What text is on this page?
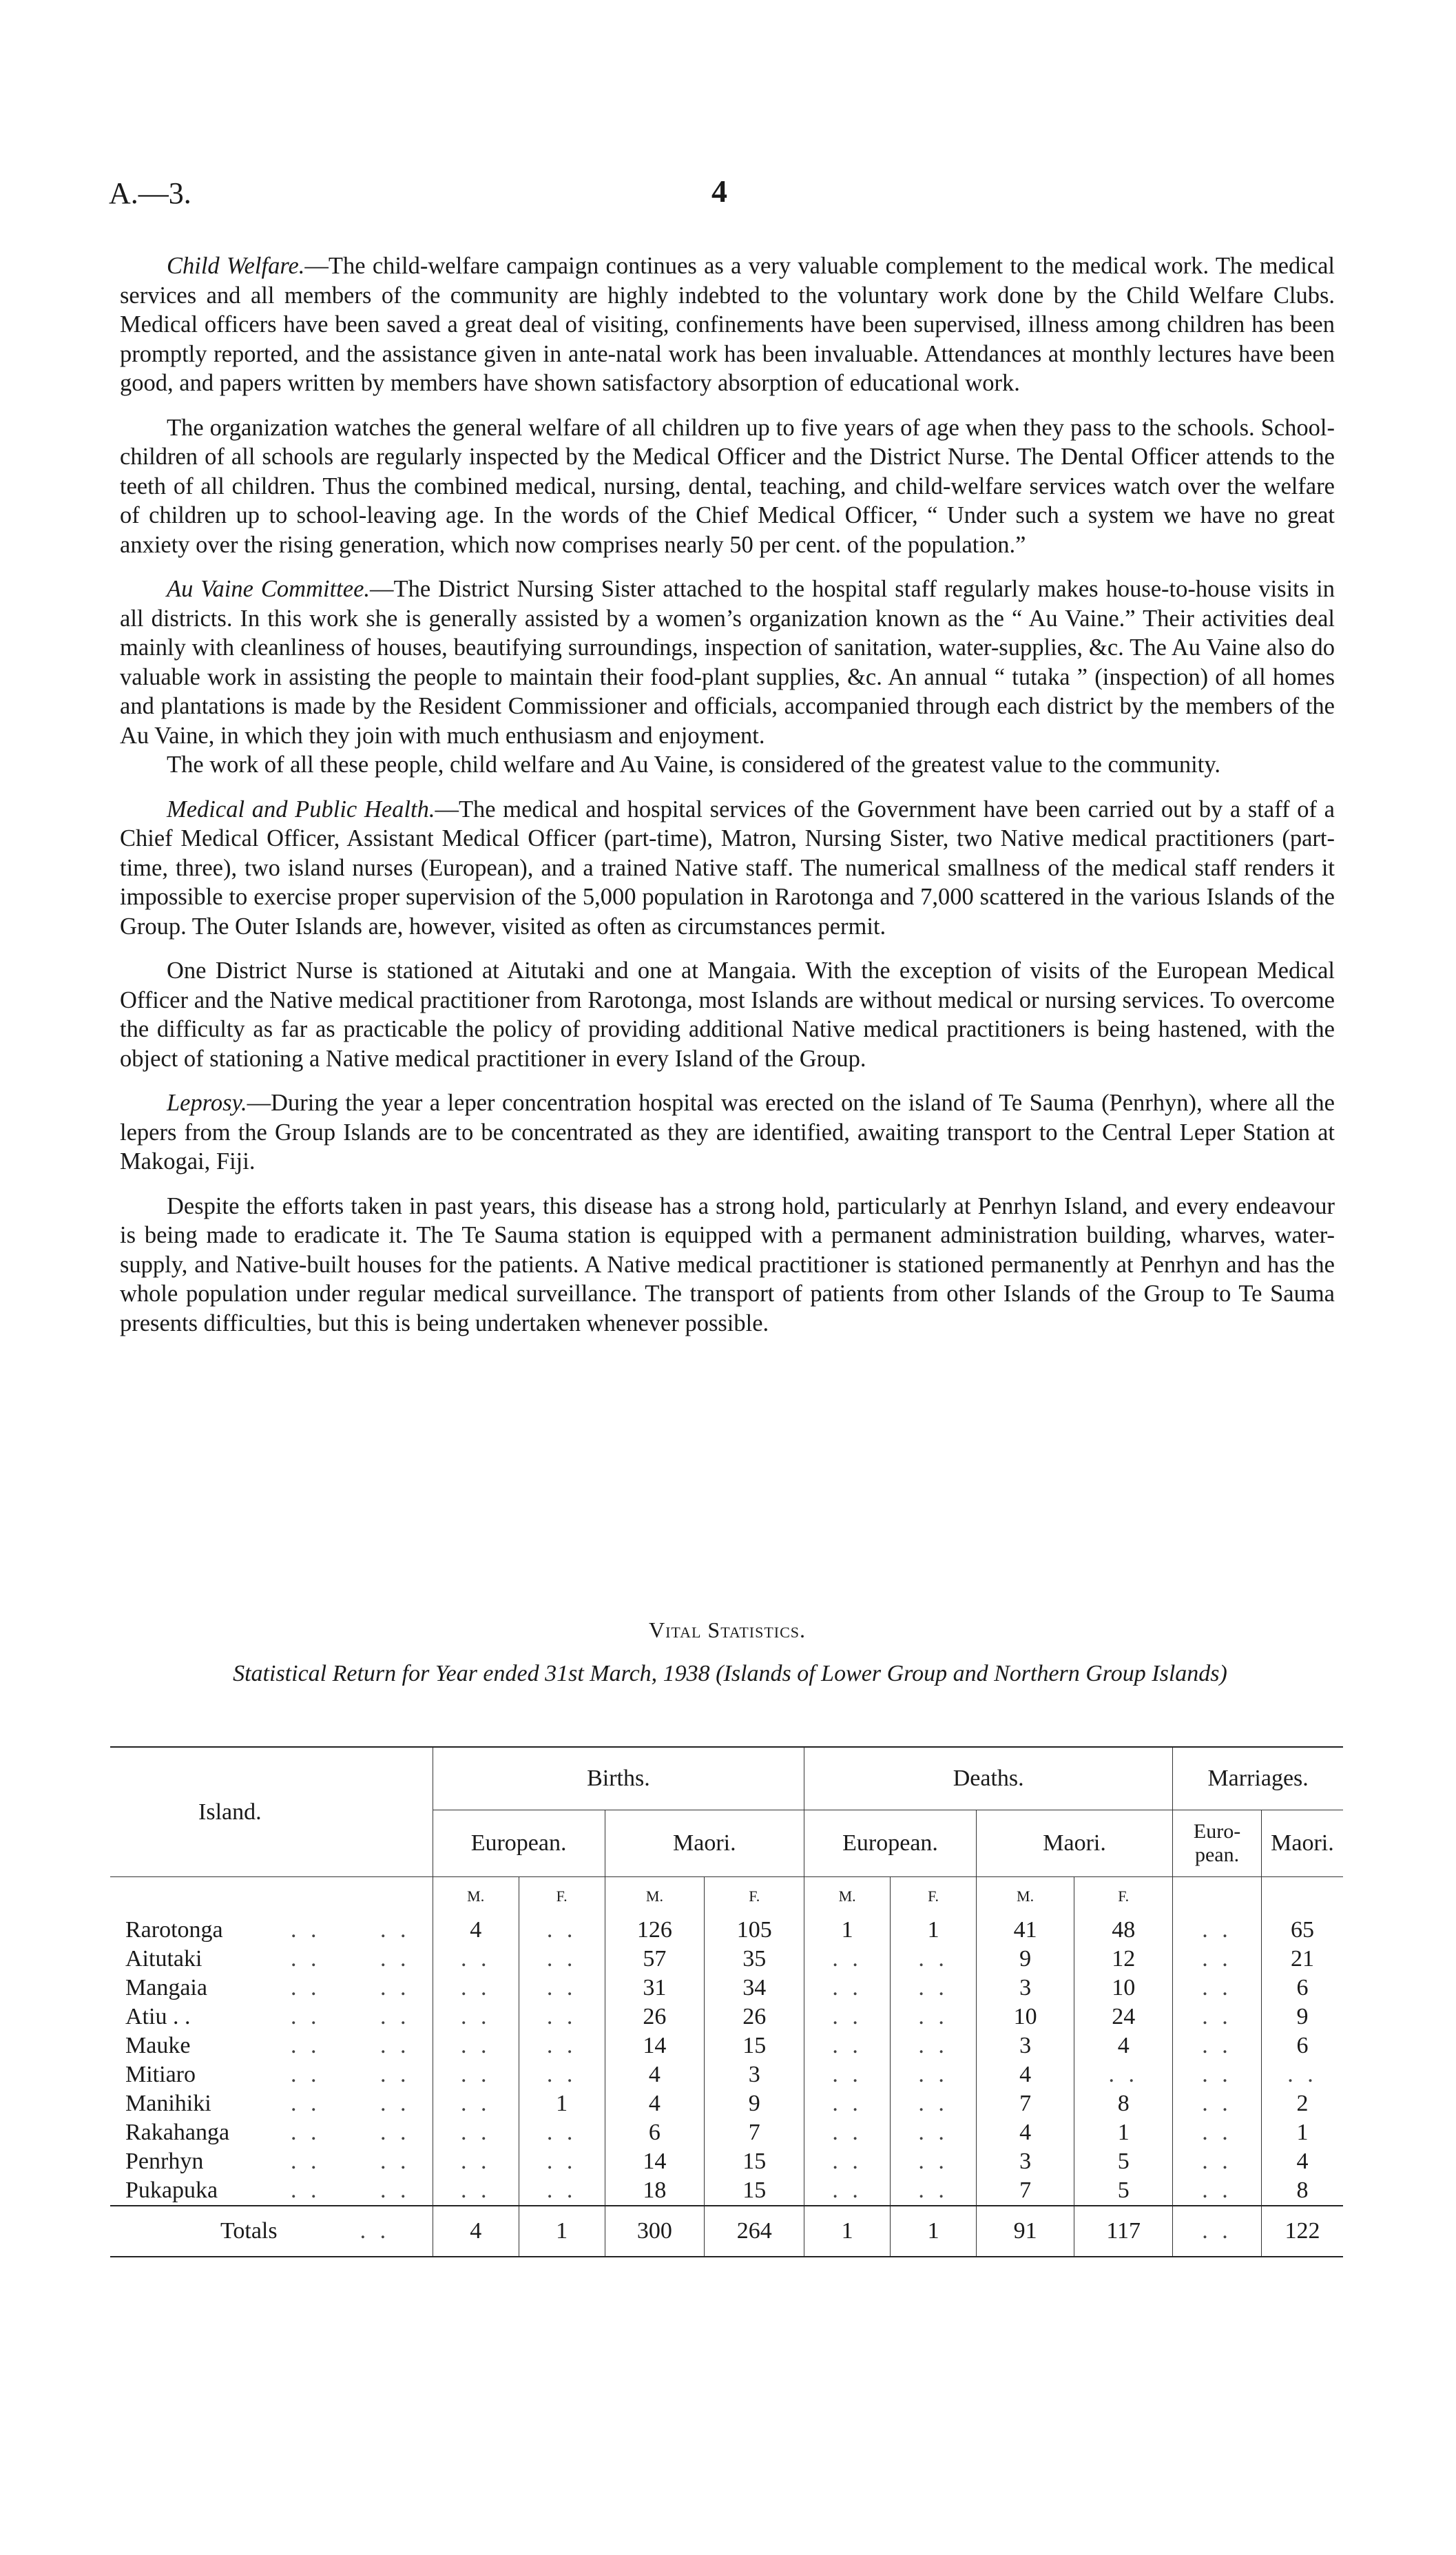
A.—3.	4

Child Welfare.—The child-welfare campaign continues as a very valuable complement to the medical work. The medical services and all members of the community are highly indebted to the voluntary work done by the Child Welfare Clubs. Medical officers have been saved a great deal of visiting, confinements have been supervised, illness among children has been promptly reported, and the assistance given in ante-natal work has been invaluable. Attendances at monthly lectures have been good, and papers written by members have shown satisfactory absorption of educational work.

The organization watches the general welfare of all children up to five years of age when they pass to the schools. School-children of all schools are regularly inspected by the Medical Officer and the District Nurse. The Dental Officer attends to the teeth of all children. Thus the combined medical, nursing, dental, teaching, and child-welfare services watch over the welfare of children up to school-leaving age. In the words of the Chief Medical Officer, “ Under such a system we have no great anxiety over the rising generation, which now comprises nearly 50 per cent. of the population.”

Au Vaine Committee.—The District Nursing Sister attached to the hospital staff regularly makes house-to-house visits in all districts. In this work she is generally assisted by a women’s organization known as the “ Au Vaine.” Their activities deal mainly with cleanliness of houses, beautifying surroundings, inspection of sanitation, water-supplies, &c. The Au Vaine also do valuable work in assisting the people to maintain their food-plant supplies, &c. An annual “ tutaka ” (inspection) of all homes and plantations is made by the Resident Commissioner and officials, accompanied through each district by the members of the Au Vaine, in which they join with much enthusiasm and enjoyment.

The work of all these people, child welfare and Au Vaine, is considered of the greatest value to the community.

Medical and Public Health.—The medical and hospital services of the Government have been carried out by a staff of a Chief Medical Officer, Assistant Medical Officer (part-time), Matron, Nursing Sister, two Native medical practitioners (part-time, three), two island nurses (European), and a trained Native staff. The numerical smallness of the medical staff renders it impossible to exercise proper supervision of the 5,000 population in Rarotonga and 7,000 scattered in the various Islands of the Group. The Outer Islands are, however, visited as often as circumstances permit.

One District Nurse is stationed at Aitutaki and one at Mangaia. With the exception of visits of the European Medical Officer and the Native medical practitioner from Rarotonga, most Islands are without medical or nursing services. To overcome the difficulty as far as practicable the policy of providing additional Native medical practitioners is being hastened, with the object of stationing a Native medical practitioner in every Island of the Group.

Leprosy.—During the year a leper concentration hospital was erected on the island of Te Sauma (Penrhyn), where all the lepers from the Group Islands are to be concentrated as they are identified, awaiting transport to the Central Leper Station at Makogai, Fiji.

Despite the efforts taken in past years, this disease has a strong hold, particularly at Penrhyn Island, and every endeavour is being made to eradicate it. The Te Sauma station is equipped with a permanent administration building, wharves, water-supply, and Native-built houses for the patients. A Native medical practitioner is stationed permanently at Penrhyn and has the whole population under regular medical surveillance. The transport of patients from other Islands of the Group to Te Sauma presents difficulties, but this is being undertaken whenever possible.

Vital Statistics.
Statistical Return for Year ended 31st March, 1938 (Islands of Lower Group and Northern Group Islands)
Island.	Births.				Deaths.				Marriages.	
	European.		Maori.		European.		Maori.		Euro-pean.	Maori.
	M.	F.	M.	F.	M.	F.	M.	F.		
Rarotonga . . . .	4	. .	126	105	1	1	41	48	. .	65
Aitutaki . . . .	. .	. .	57	35	. .	. .	9	12	. .	21
Mangaia . . . .	. .	. .	31	34	. .	. .	3	10	. .	6
Atiu . . . . . .	. .	. .	26	26	. .	. .	10	24	. .	9
Mauke . . . .	. .	. .	14	15	. .	. .	3	4	. .	6
Mitiaro . . . .	. .	. .	4	3	. .	. .	4	. .	. .	. .
Manihiki . . . .	. .	1	4	9	. .	. .	7	8	. .	2
Rakahanga . . . .	. .	. .	6	7	. .	. .	4	1	. .	1
Penrhyn . . . .	. .	. .	14	15	. .	. .	3	5	. .	4
Pukapuka . . . .	. .	. .	18	15	. .	. .	7	5	. .	8
Totals . .	4	1	300	264	1	1	91	117	. .	122
